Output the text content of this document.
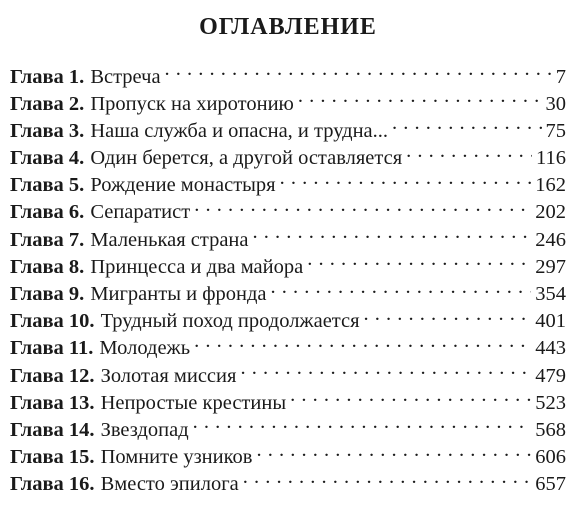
ОГЛАВЛЕНИЕ
Глава 1. Встреча . . .	7
Глава 2. Пропуск на хиротонию . . .	30
Глава 3. Наша служба и опасна, и трудна... . . .	75
Глава 4. Один берется, а другой оставляется . . .	116
Глава 5. Рождение монастыря . . .	162
Глава 6. Сепаратист . . .	202
Глава 7. Маленькая страна . . .	246
Глава 8. Принцесса и два майора . . .	297
Глава 9. Мигранты и фронда . . .	354
Глава 10. Трудный поход продолжается . . .	401
Глава 11. Молодежь . . .	443
Глава 12. Золотая миссия . . .	479
Глава 13. Непростые крестины . . .	523
Глава 14. Звездопад . . .	568
Глава 15. Помните узников . . .	606
Глава 16. Вместо эпилога . . .	657
